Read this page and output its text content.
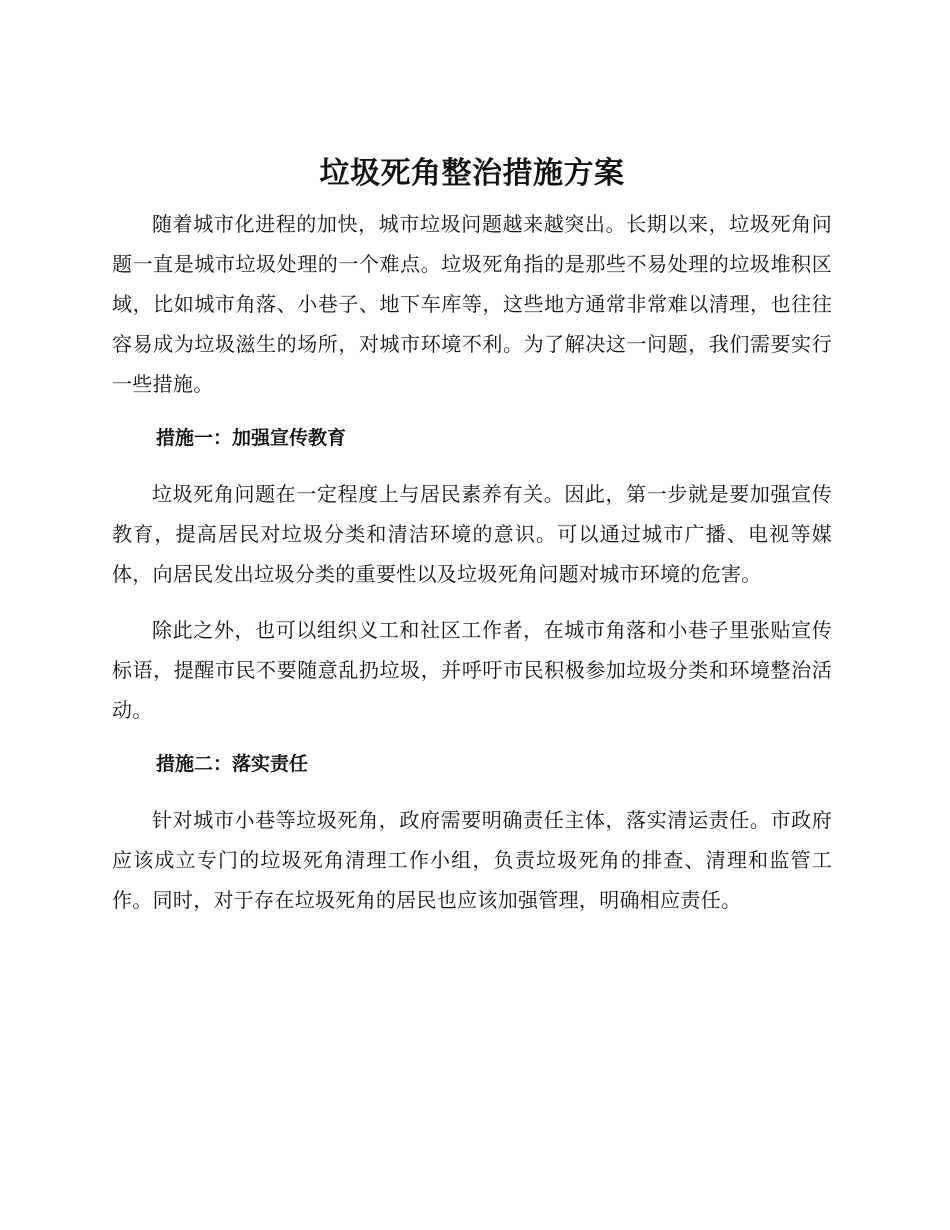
垃圾死角整治措施方案

随着城市化进程的加快，城市垃圾问题越来越突出。长期以来，垃圾死角问题一直是城市垃圾处理的一个难点。垃圾死角指的是那些不易处理的垃圾堆积区域，比如城市角落、小巷子、地下车库等，这些地方通常非常难以清理，也往往容易成为垃圾滋生的场所，对城市环境不利。为了解决这一问题，我们需要实行一些措施。

措施一：加强宣传教育

垃圾死角问题在一定程度上与居民素养有关。因此，第一步就是要加强宣传教育，提高居民对垃圾分类和清洁环境的意识。可以通过城市广播、电视等媒体，向居民发出垃圾分类的重要性以及垃圾死角问题对城市环境的危害。

除此之外，也可以组织义工和社区工作者，在城市角落和小巷子里张贴宣传标语，提醒市民不要随意乱扔垃圾，并呼吁市民积极参加垃圾分类和环境整治活动。

措施二：落实责任

针对城市小巷等垃圾死角，政府需要明确责任主体，落实清运责任。市政府应该成立专门的垃圾死角清理工作小组，负责垃圾死角的排查、清理和监管工作。同时，对于存在垃圾死角的居民也应该加强管理，明确相应责任。
